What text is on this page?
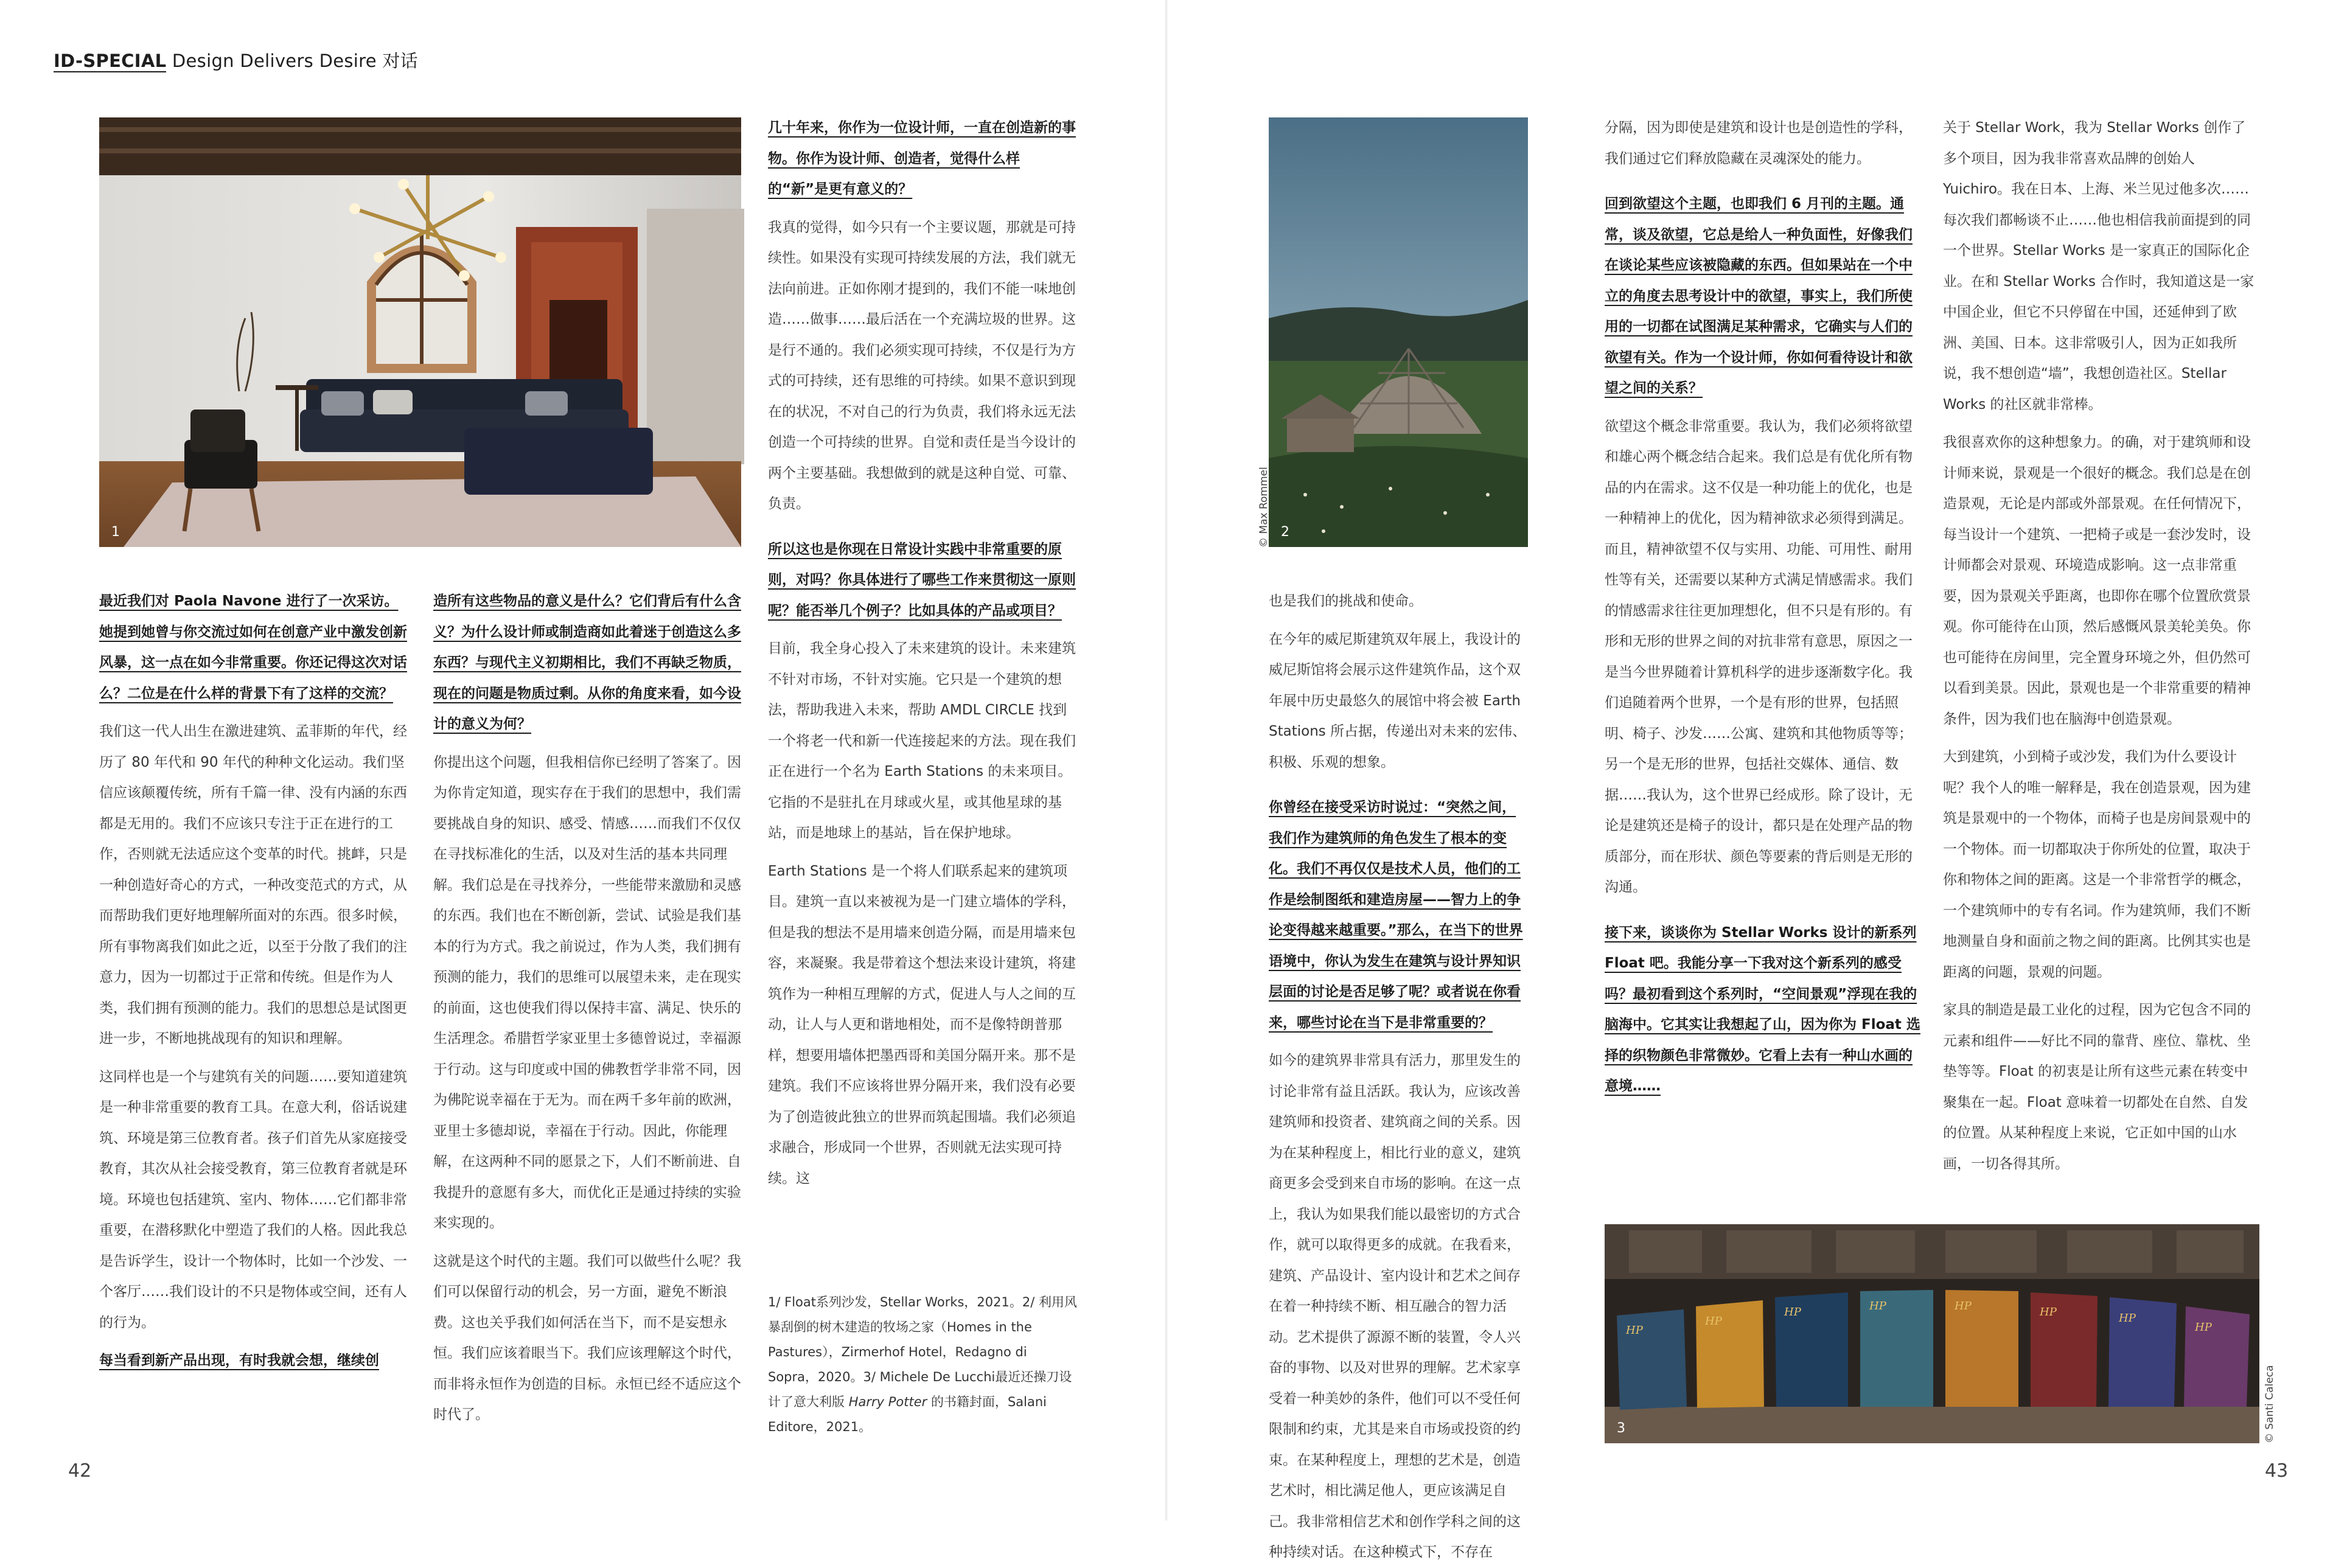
ID-SPECIAL Design Delivers Desire 对话
1

最近我们对 Paola Navone 进行了一次采访。她提到她曾与你交流过如何在创意产业中激发创新风暴，这一点在如今非常重要。你还记得这次对话么？二位是在什么样的背景下有了这样的交流？

我们这一代人出生在激进建筑、孟菲斯的年代，经历了 80 年代和 90 年代的种种文化运动。我们坚信应该颠覆传统，所有千篇一律、没有内涵的东西都是无用的。我们不应该只专注于正在进行的工作，否则就无法适应这个变革的时代。挑衅，只是一种创造好奇心的方式，一种改变范式的方式，从而帮助我们更好地理解所面对的东西。很多时候，所有事物离我们如此之近，以至于分散了我们的注意力，因为一切都过于正常和传统。但是作为人类，我们拥有预测的能力。我们的思想总是试图更进一步，不断地挑战现有的知识和理解。

这同样也是一个与建筑有关的问题……要知道建筑是一种非常重要的教育工具。在意大利，俗话说建筑、环境是第三位教育者。孩子们首先从家庭接受教育，其次从社会接受教育，第三位教育者就是环境。环境也包括建筑、室内、物体……它们都非常重要，在潜移默化中塑造了我们的人格。因此我总是告诉学生，设计一个物体时，比如一个沙发、一个客厅……我们设计的不只是物体或空间，还有人的行为。

每当看到新产品出现，有时我就会想，继续创

造所有这些物品的意义是什么？它们背后有什么含义？为什么设计师或制造商如此着迷于创造这么多东西？与现代主义初期相比，我们不再缺乏物质，现在的问题是物质过剩。从你的角度来看，如今设计的意义为何？

你提出这个问题，但我相信你已经明了答案了。因为你肯定知道，现实存在于我们的思想中，我们需要挑战自身的知识、感受、情感……而我们不仅仅在寻找标准化的生活，以及对生活的基本共同理解。我们总是在寻找养分，一些能带来激励和灵感的东西。我们也在不断创新，尝试、试验是我们基本的行为方式。我之前说过，作为人类，我们拥有预测的能力，我们的思维可以展望未来，走在现实的前面，这也使我们得以保持丰富、满足、快乐的生活理念。希腊哲学家亚里士多德曾说过，幸福源于行动。这与印度或中国的佛教哲学非常不同，因为佛陀说幸福在于无为。而在两千多年前的欧洲，亚里士多德却说，幸福在于行动。因此，你能理解，在这两种不同的愿景之下，人们不断前进、自我提升的意愿有多大，而优化正是通过持续的实验来实现的。

这就是这个时代的主题。我们可以做些什么呢？我们可以保留行动的机会，另一方面，避免不断浪费。这也关乎我们如何活在当下，而不是妄想永恒。我们应该着眼当下。我们应该理解这个时代，而非将永恒作为创造的目标。永恒已经不适应这个时代了。

几十年来，你作为一位设计师，一直在创造新的事物。你作为设计师、创造者，觉得什么样的“新”是更有意义的？

我真的觉得，如今只有一个主要议题，那就是可持续性。如果没有实现可持续发展的方法，我们就无法向前进。正如你刚才提到的，我们不能一味地创造……做事……最后活在一个充满垃圾的世界。这是行不通的。我们必须实现可持续，不仅是行为方式的可持续，还有思维的可持续。如果不意识到现在的状况，不对自己的行为负责，我们将永远无法创造一个可持续的世界。自觉和责任是当今设计的两个主要基础。我想做到的就是这种自觉、可靠、负责。

所以这也是你现在日常设计实践中非常重要的原则，对吗？你具体进行了哪些工作来贯彻这一原则呢？能否举几个例子？比如具体的产品或项目？

目前，我全身心投入了未来建筑的设计。未来建筑不针对市场，不针对实施。它只是一个建筑的想法，帮助我进入未来，帮助 AMDL CIRCLE 找到一个将老一代和新一代连接起来的方法。现在我们正在进行一个名为 Earth Stations 的未来项目。它指的不是驻扎在月球或火星，或其他星球的基站，而是地球上的基站，旨在保护地球。

Earth Stations 是一个将人们联系起来的建筑项目。建筑一直以来被视为是一门建立墙体的学科，但是我的想法不是用墙来创造分隔，而是用墙来包容，来凝聚。我是带着这个想法来设计建筑，将建筑作为一种相互理解的方式，促进人与人之间的互动，让人与人更和谐地相处，而不是像特朗普那样，想要用墙体把墨西哥和美国分隔开来。那不是建筑。我们不应该将世界分隔开来，我们没有必要为了创造彼此独立的世界而筑起围墙。我们必须追求融合，形成同一个世界，否则就无法实现可持续。这

1/ Float系列沙发，Stellar Works，2021。2/ 利用风暴刮倒的树木建造的牧场之家（Homes in the Pastures），Zirmerhof Hotel，Redagno di Sopra，2020。3/ Michele De Lucchi最近还操刀设计了意大利版 Harry Potter 的书籍封面，Salani Editore，2021。
42
2
© Max Rommel

也是我们的挑战和使命。

在今年的威尼斯建筑双年展上，我设计的威尼斯馆将会展示这件建筑作品，这个双年展中历史最悠久的展馆中将会被 Earth Stations 所占据，传递出对未来的宏伟、积极、乐观的想象。

你曾经在接受采访时说过：“突然之间，我们作为建筑师的角色发生了根本的变化。我们不再仅仅是技术人员，他们的工作是绘制图纸和建造房屋——智力上的争论变得越来越重要。”那么，在当下的世界语境中，你认为发生在建筑与设计界知识层面的讨论是否足够了呢？或者说在你看来，哪些讨论在当下是非常重要的？

如今的建筑界非常具有活力，那里发生的讨论非常有益且活跃。我认为，应该改善建筑师和投资者、建筑商之间的关系。因为在某种程度上，相比行业的意义，建筑商更多会受到来自市场的影响。在这一点上，我认为如果我们能以最密切的方式合作，就可以取得更多的成就。在我看来，建筑、产品设计、室内设计和艺术之间存在着一种持续不断、相互融合的智力活动。艺术提供了源源不断的装置，令人兴奋的事物、以及对世界的理解。艺术家享受着一种美妙的条件，他们可以不受任何限制和约束，尤其是来自市场或投资的约束。在某种程度上，理想的艺术是，创造艺术时，相比满足他人，更应该满足自己。我非常相信艺术和创作学科之间的这种持续对话。在这种模式下，不存在

分隔，因为即使是建筑和设计也是创造性的学科，我们通过它们释放隐藏在灵魂深处的能力。

回到欲望这个主题，也即我们 6 月刊的主题。通常，谈及欲望，它总是给人一种负面性，好像我们在谈论某些应该被隐藏的东西。但如果站在一个中立的角度去思考设计中的欲望，事实上，我们所使用的一切都在试图满足某种需求，它确实与人们的欲望有关。作为一个设计师，你如何看待设计和欲望之间的关系？

欲望这个概念非常重要。我认为，我们必须将欲望和雄心两个概念结合起来。我们总是有优化所有物品的内在需求。这不仅是一种功能上的优化，也是一种精神上的优化，因为精神欲求必须得到满足。而且，精神欲望不仅与实用、功能、可用性、耐用性等有关，还需要以某种方式满足情感需求。我们的情感需求往往更加理想化，但不只是有形的。有形和无形的世界之间的对抗非常有意思，原因之一是当今世界随着计算机科学的进步逐渐数字化。我们追随着两个世界，一个是有形的世界，包括照明、椅子、沙发……公寓、建筑和其他物质等等；另一个是无形的世界，包括社交媒体、通信、数据……我认为，这个世界已经成形。除了设计，无论是建筑还是椅子的设计，都只是在处理产品的物质部分，而在形状、颜色等要素的背后则是无形的沟通。

接下来，谈谈你为 Stellar Works 设计的新系列 Float 吧。我能分享一下我对这个新系列的感受吗？最初看到这个系列时，“空间景观”浮现在我的脑海中。它其实让我想起了山，因为你为 Float 选择的织物颜色非常微妙。它看上去有一种山水画的意境……

关于 Stellar Work，我为 Stellar Works 创作了多个项目，因为我非常喜欢品牌的创始人 Yuichiro。我在日本、上海、米兰见过他多次……每次我们都畅谈不止……他也相信我前面提到的同一个世界。Stellar Works 是一家真正的国际化企业。在和 Stellar Works 合作时，我知道这是一家中国企业，但它不只停留在中国，还延伸到了欧洲、美国、日本。这非常吸引人，因为正如我所说，我不想创造“墙”，我想创造社区。Stellar Works 的社区就非常棒。

我很喜欢你的这种想象力。的确，对于建筑师和设计师来说，景观是一个很好的概念。我们总是在创造景观，无论是内部或外部景观。在任何情况下，每当设计一个建筑、一把椅子或是一套沙发时，设计师都会对景观、环境造成影响。这一点非常重要，因为景观关乎距离，也即你在哪个位置欣赏景观。你可能待在山顶，然后感慨风景美轮美奂。你也可能待在房间里，完全置身环境之外，但仍然可以看到美景。因此，景观也是一个非常重要的精神条件，因为我们也在脑海中创造景观。

大到建筑，小到椅子或沙发，我们为什么要设计呢？我个人的唯一解释是，我在创造景观，因为建筑是景观中的一个物体，而椅子也是房间景观中的一个物体。而一切都取决于你所处的位置，取决于你和物体之间的距离。这是一个非常哲学的概念，一个建筑师中的专有名词。作为建筑师，我们不断地测量自身和面前之物之间的距离。比例其实也是距离的问题，景观的问题。

家具的制造是最工业化的过程，因为它包含不同的元素和组件——好比不同的靠背、座位、靠枕、坐垫等等。Float 的初衷是让所有这些元素在转变中聚集在一起。Float 意味着一切都处在自然、自发的位置。从某种程度上来说，它正如中国的山水画，一切各得其所。

HP
HP
HP	HP	HP	HP	HP
HP
3	© Santi Caleca
43
